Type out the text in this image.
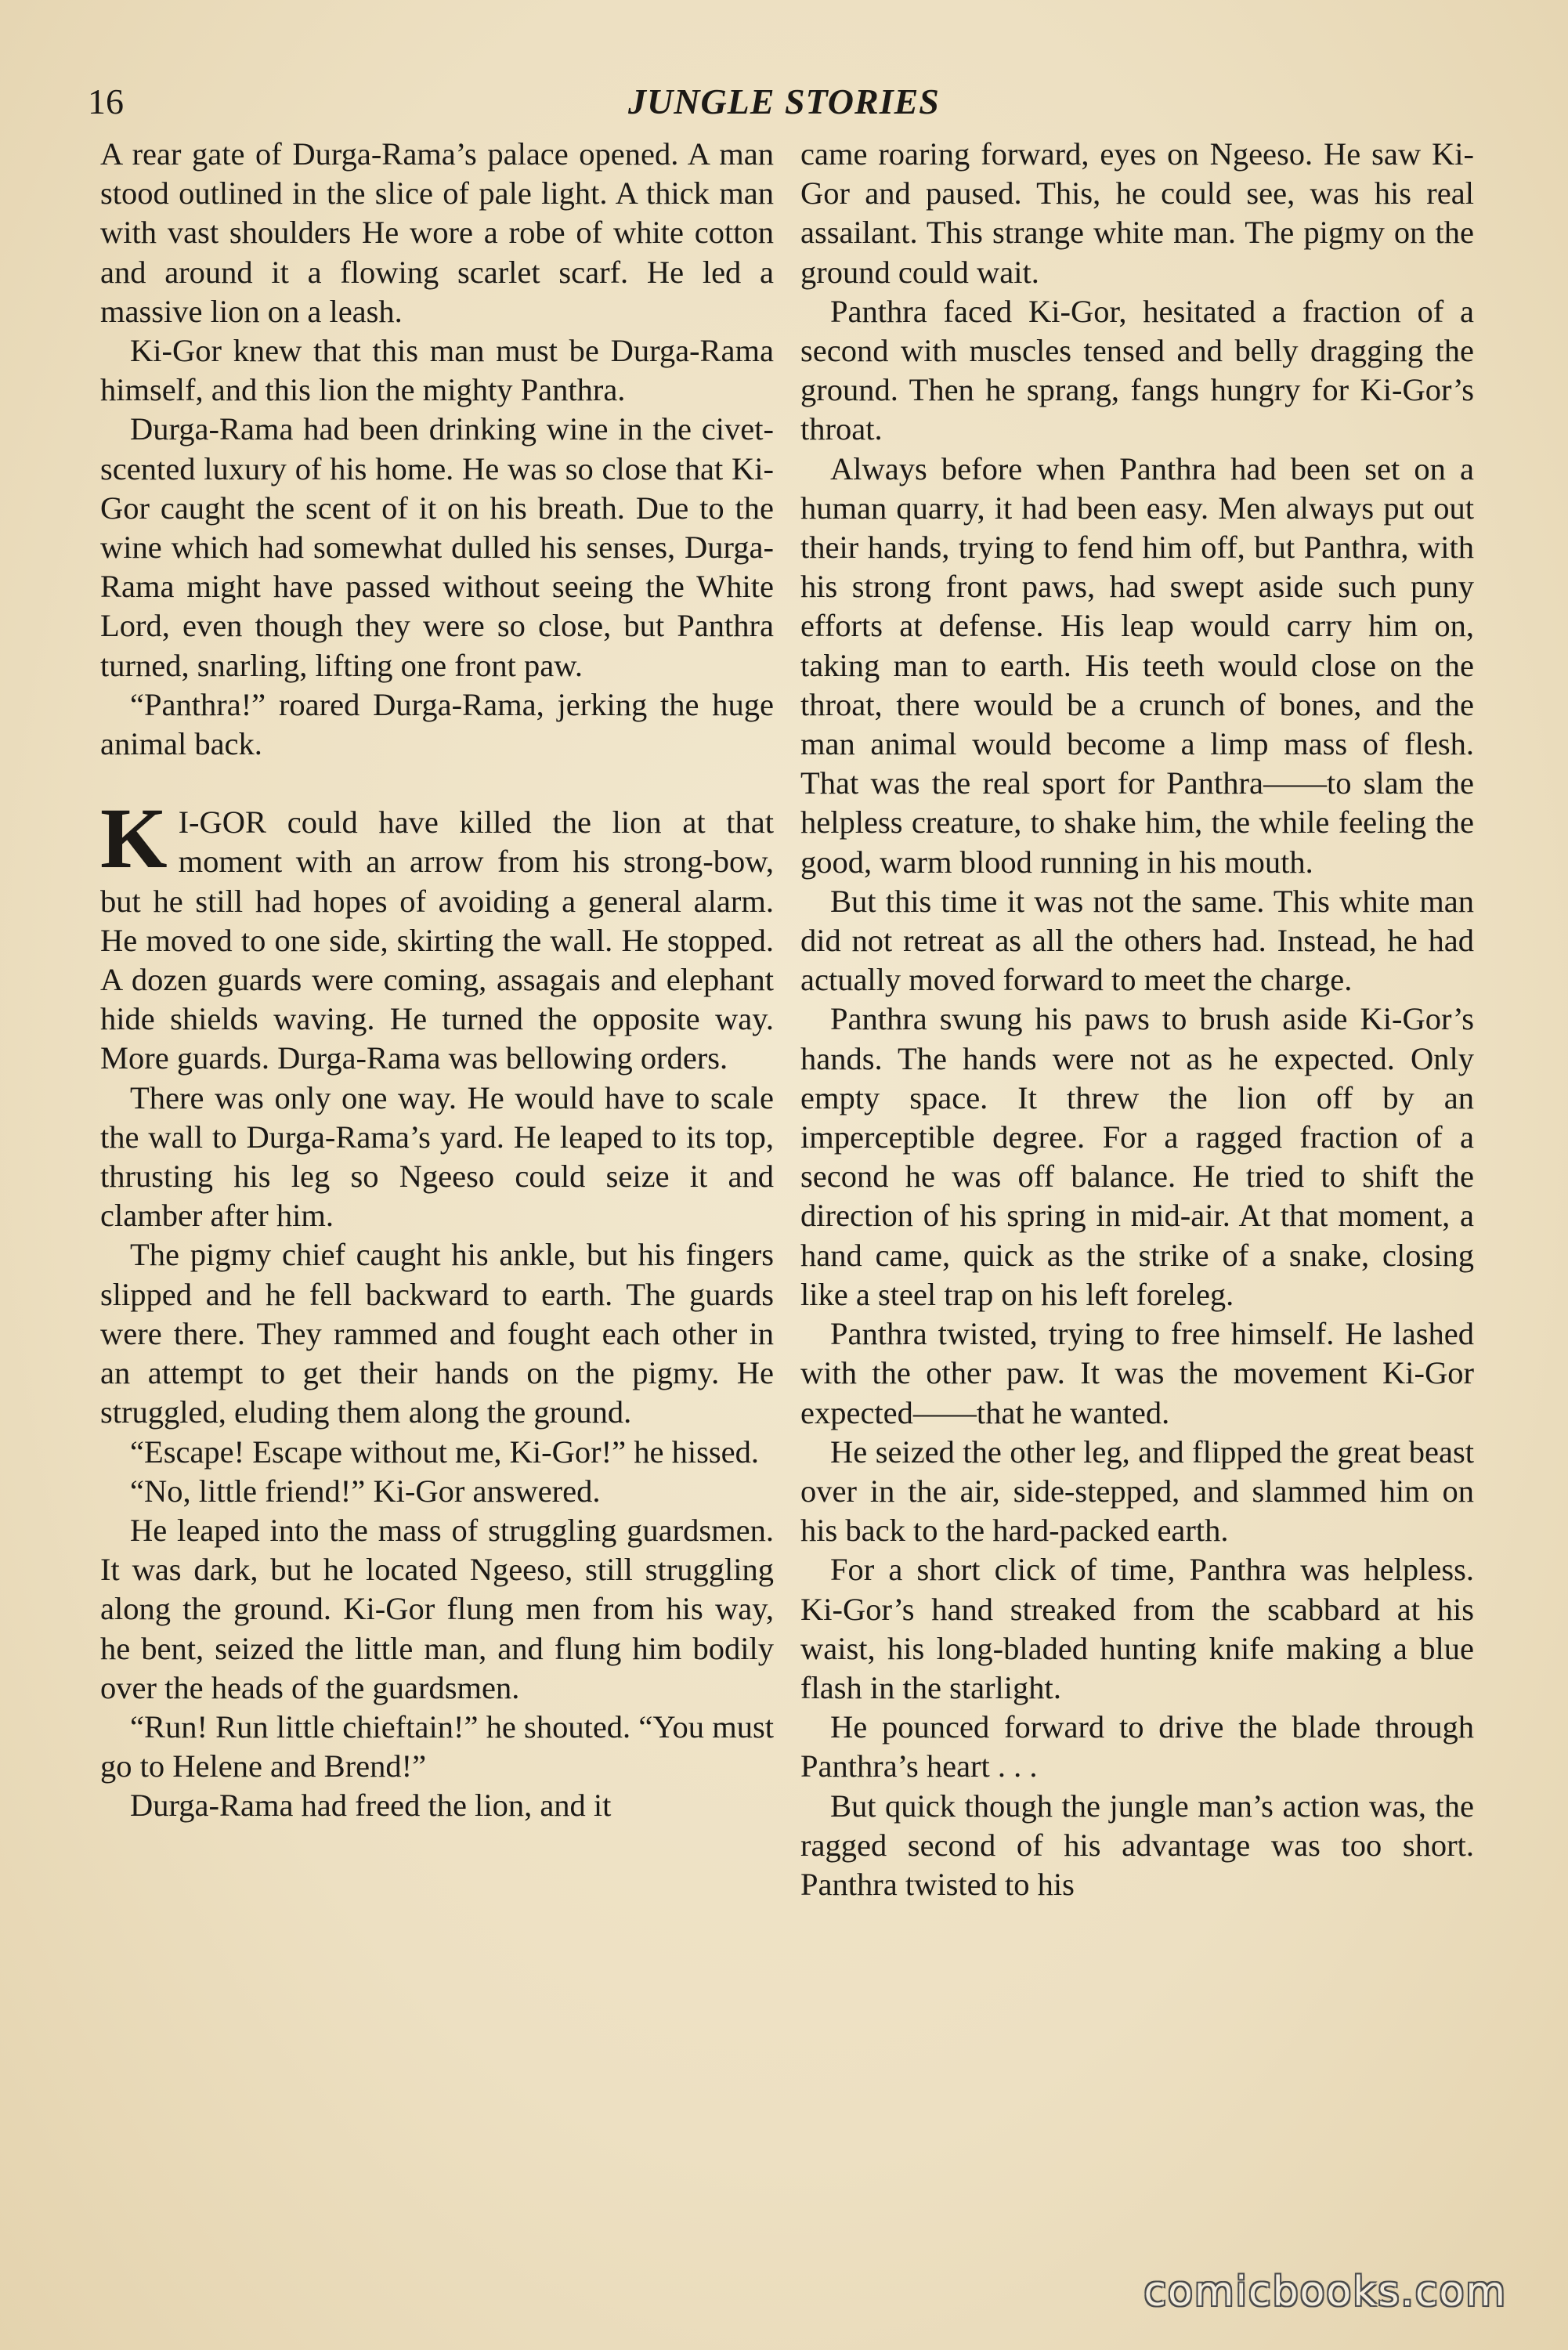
16	JUNGLE STORIES

A rear gate of Durga-Rama’s palace opened. A man stood outlined in the slice of pale light. A thick man with vast shoulders He wore a robe of white cotton and around it a flowing scarlet scarf. He led a massive lion on a leash.

Ki-Gor knew that this man must be Durga-Rama himself, and this lion the mighty Panthra.

Durga-Rama had been drinking wine in the civet-scented luxury of his home. He was so close that Ki-Gor caught the scent of it on his breath. Due to the wine which had somewhat dulled his senses, Durga-Rama might have passed without seeing the White Lord, even though they were so close, but Panthra turned, snarling, lifting one front paw.

“Panthra!” roared Durga-Rama, jerking the huge animal back.

K I-GOR could have killed the lion at that moment with an arrow from his strong-bow, but he still had hopes of avoiding a general alarm. He moved to one side, skirting the wall. He stopped. A dozen guards were coming, assagais and elephant hide shields waving. He turned the opposite way. More guards. Durga-Rama was bellowing orders.

There was only one way. He would have to scale the wall to Durga-Rama’s yard. He leaped to its top, thrusting his leg so Ngeeso could seize it and clamber after him.

The pigmy chief caught his ankle, but his fingers slipped and he fell backward to earth. The guards were there. They rammed and fought each other in an attempt to get their hands on the pigmy. He struggled, eluding them along the ground.

“Escape! Escape without me, Ki-Gor!” he hissed.

“No, little friend!” Ki-Gor answered.

He leaped into the mass of struggling guardsmen. It was dark, but he located Ngeeso, still struggling along the ground. Ki-Gor flung men from his way, he bent, seized the little man, and flung him bodily over the heads of the guardsmen.

“Run! Run little chieftain!” he shouted. “You must go to Helene and Brend!”

Durga-Rama had freed the lion, and it

came roaring forward, eyes on Ngeeso. He saw Ki-Gor and paused. This, he could see, was his real assailant. This strange white man. The pigmy on the ground could wait.

Panthra faced Ki-Gor, hesitated a fraction of a second with muscles tensed and belly dragging the ground. Then he sprang, fangs hungry for Ki-Gor’s throat.

Always before when Panthra had been set on a human quarry, it had been easy. Men always put out their hands, trying to fend him off, but Panthra, with his strong front paws, had swept aside such puny efforts at defense. His leap would carry him on, taking man to earth. His teeth would close on the throat, there would be a crunch of bones, and the man animal would become a limp mass of flesh. That was the real sport for Panthra——to slam the helpless creature, to shake him, the while feeling the good, warm blood running in his mouth.

But this time it was not the same. This white man did not retreat as all the others had. Instead, he had actually moved forward to meet the charge.

Panthra swung his paws to brush aside Ki-Gor’s hands. The hands were not as he expected. Only empty space. It threw the lion off by an imperceptible degree. For a ragged fraction of a second he was off balance. He tried to shift the direction of his spring in mid-air. At that moment, a hand came, quick as the strike of a snake, closing like a steel trap on his left foreleg.

Panthra twisted, trying to free himself. He lashed with the other paw. It was the movement Ki-Gor expected——that he wanted.

He seized the other leg, and flipped the great beast over in the air, side-stepped, and slammed him on his back to the hard-packed earth.

For a short click of time, Panthra was helpless. Ki-Gor’s hand streaked from the scabbard at his waist, his long-bladed hunting knife making a blue flash in the starlight.

He pounced forward to drive the blade through Panthra’s heart . . .

But quick though the jungle man’s action was, the ragged second of his advantage was too short. Panthra twisted to his

comicbooks.com
